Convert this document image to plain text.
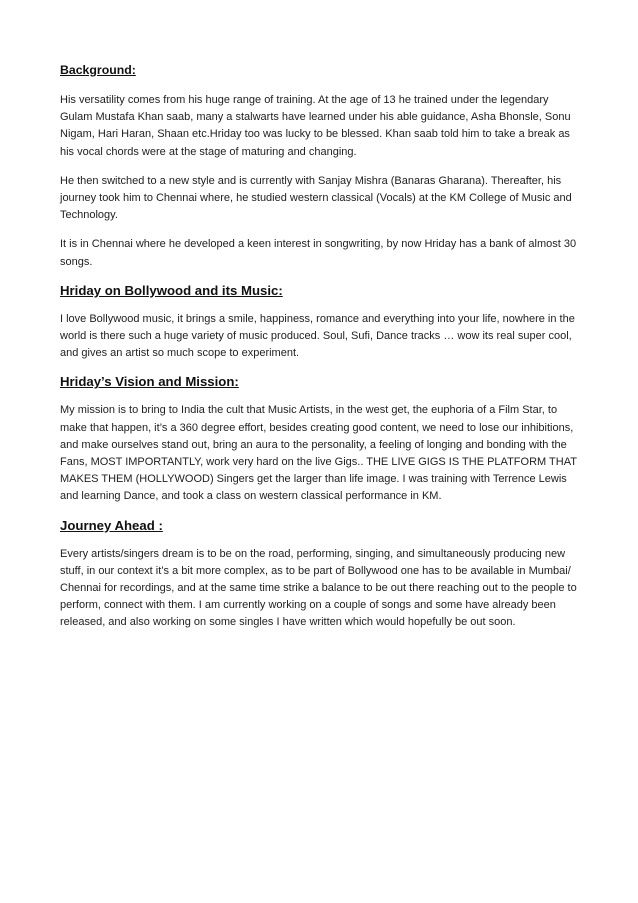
Background:

His versatility comes from his huge range of training. At the age of 13 he trained under the legendary Gulam Mustafa Khan saab, many a stalwarts have learned under his able guidance, Asha Bhonsle, Sonu Nigam, Hari Haran, Shaan etc.Hriday too was lucky to be blessed. Khan saab told him to take a break as his vocal chords were at the stage of maturing and changing.

He then switched to a new style and is currently with Sanjay Mishra (Banaras Gharana). Thereafter, his journey took him to Chennai where, he studied western classical (Vocals) at the KM College of Music and Technology.

It is in Chennai where he developed a keen interest in songwriting, by now Hriday has a bank of almost 30 songs.

Hriday on Bollywood and its Music:

I love Bollywood music, it brings a smile, happiness, romance and everything into your life, nowhere in the world is there such a huge variety of music produced. Soul, Sufi, Dance tracks … wow its real super cool, and gives an artist so much scope to experiment.

Hriday’s Vision and Mission:

My mission is to bring to India the cult that Music Artists, in the west get, the euphoria of a Film Star, to make that happen, it’s a 360 degree effort, besides creating good content, we need to lose our inhibitions, and make ourselves stand out, bring an aura to the personality, a feeling of longing and bonding with the Fans, MOST IMPORTANTLY, work very hard on the live Gigs.. THE LIVE GIGS IS THE PLATFORM THAT MAKES THEM (HOLLYWOOD) Singers get the larger than life image. I was training with Terrence Lewis and learning Dance, and took a class on western classical performance in KM.

Journey Ahead :

Every artists/singers dream is to be on the road, performing, singing, and simultaneously producing new stuff, in our context it’s a bit more complex, as to be part of Bollywood one has to be available in Mumbai/ Chennai for recordings, and at the same time strike a balance to be out there reaching out to the people to perform, connect with them. I am currently working on a couple of songs and some have already been released, and also working on some singles I have written which would hopefully be out soon.
